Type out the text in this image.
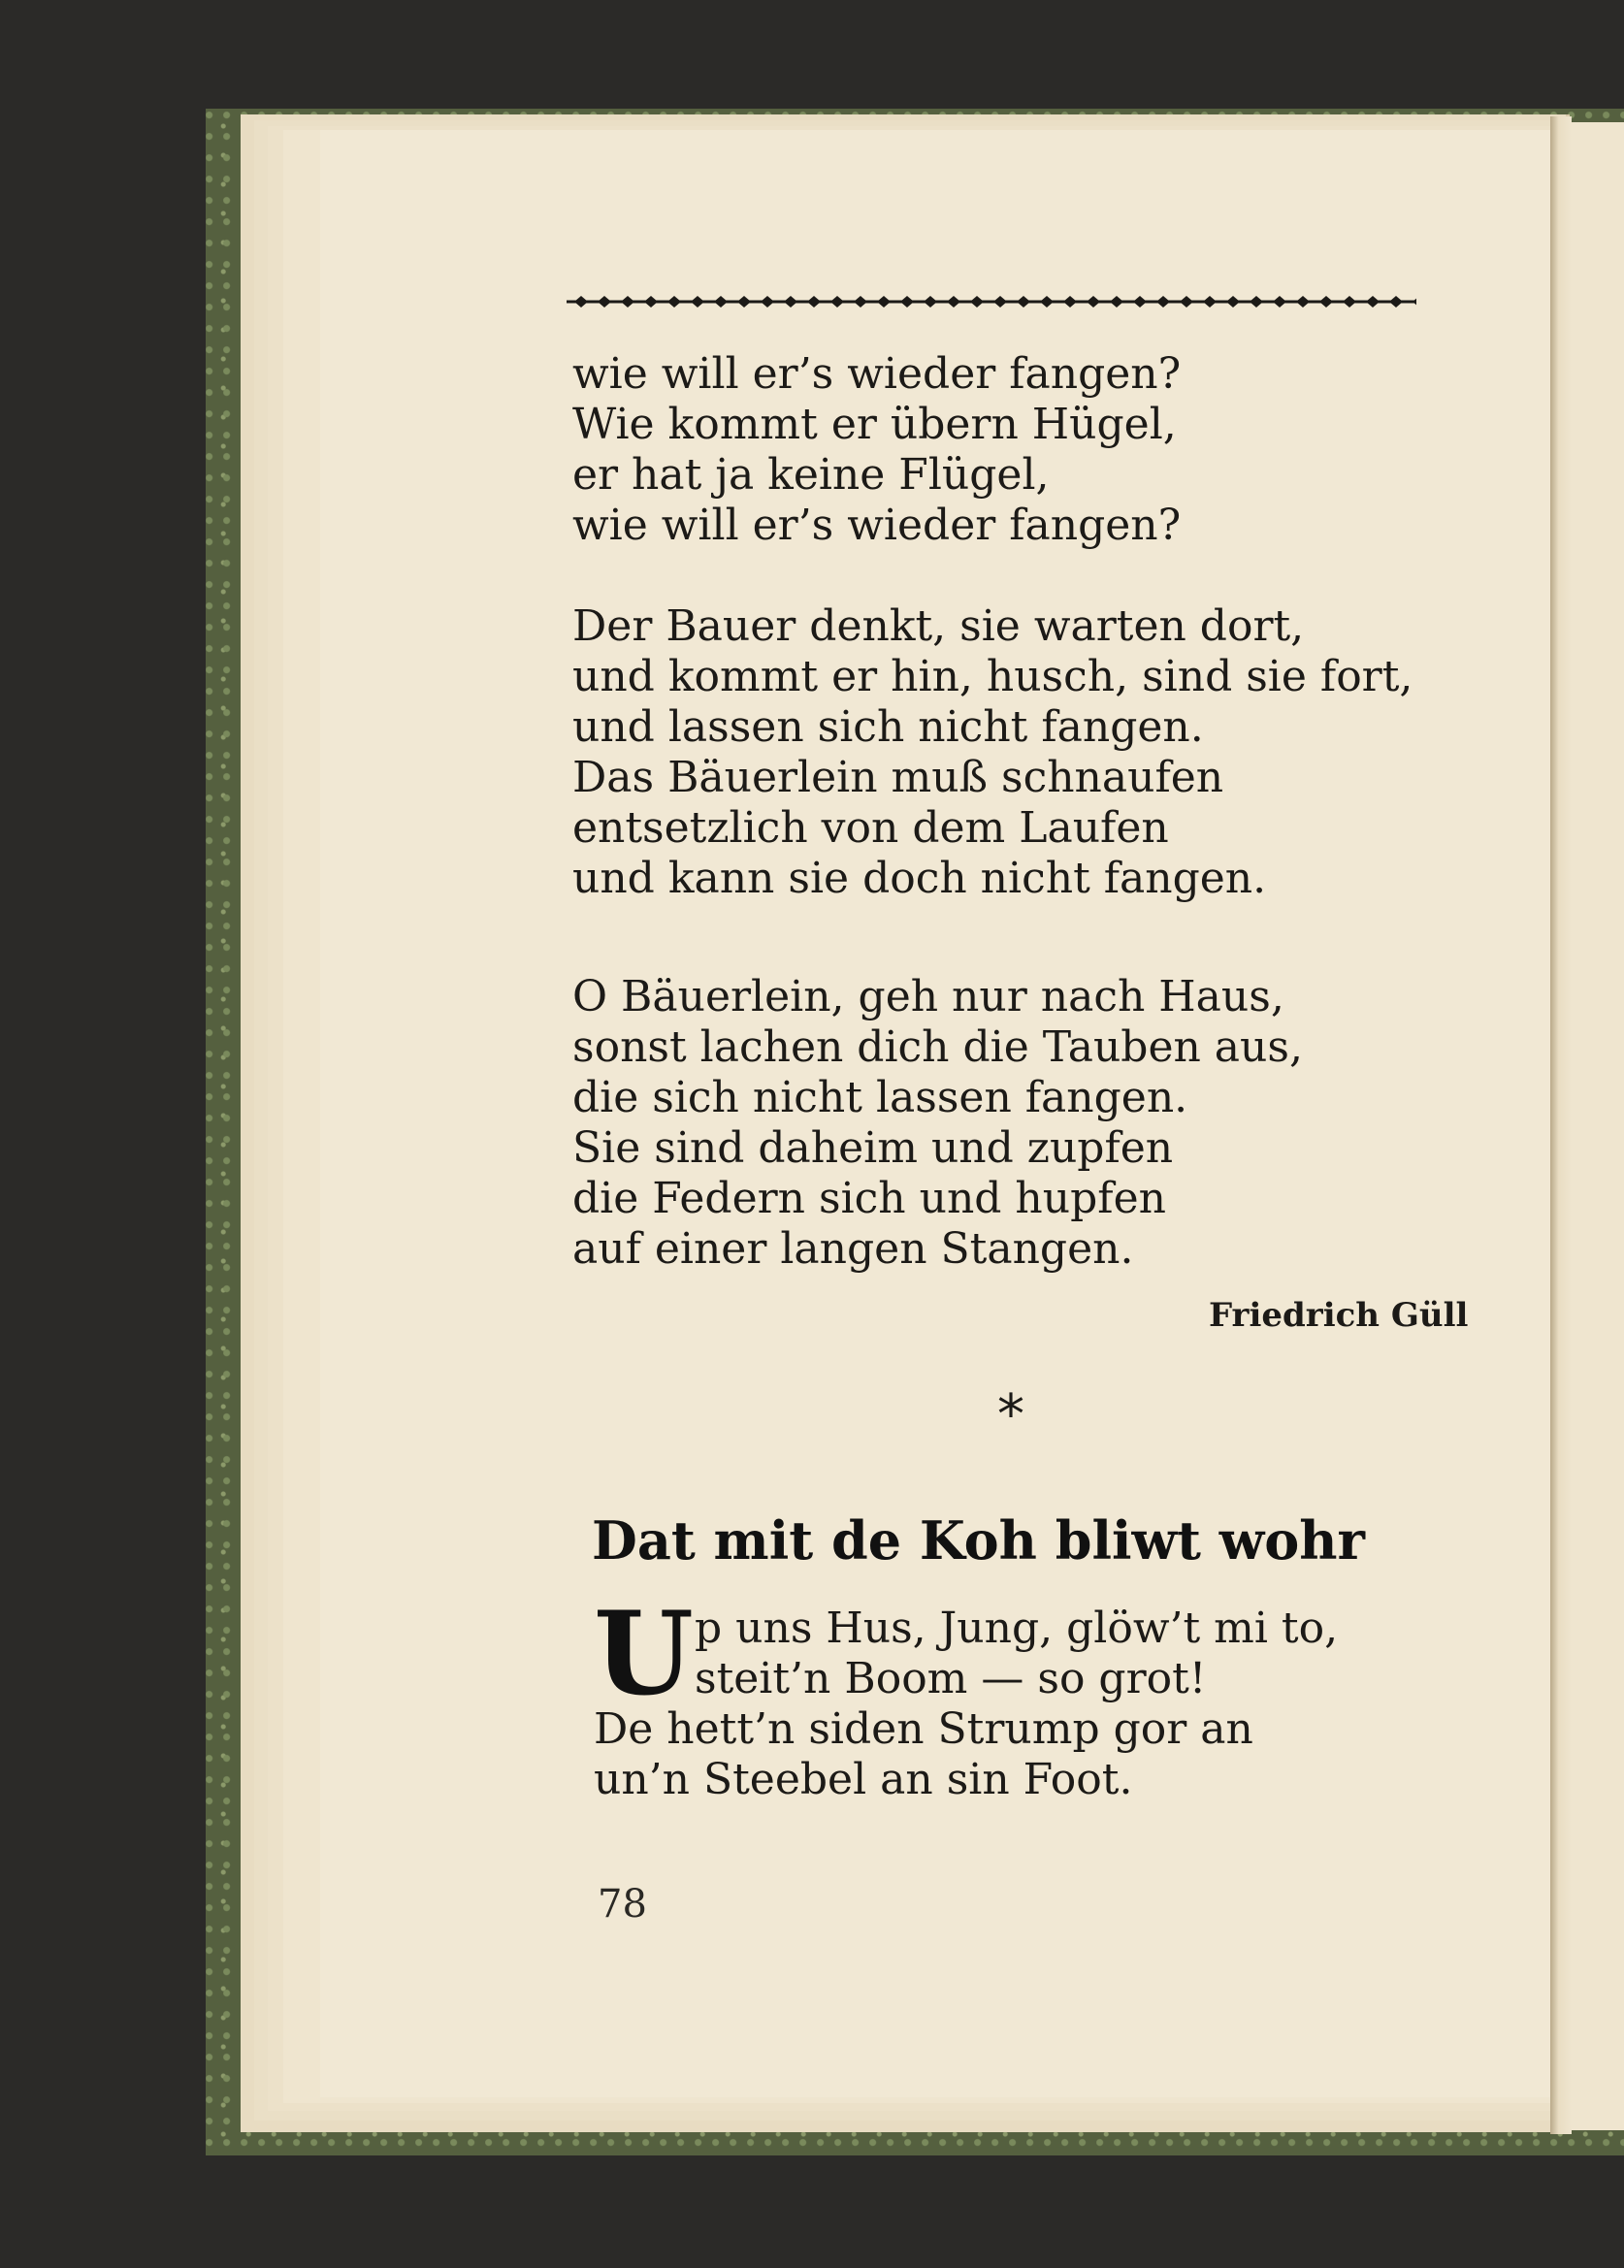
wie will er’s wieder fangen?
Wie kommt er übern Hügel,
er hat ja keine Flügel,
wie will er’s wieder fangen?
Der Bauer denkt, sie warten dort,
und kommt er hin, husch, sind sie fort,
und lassen sich nicht fangen.
Das Bäuerlein muß schnaufen
entsetzlich von dem Laufen
und kann sie doch nicht fangen.
O Bäuerlein, geh nur nach Haus,
sonst lachen dich die Tauben aus,
die sich nicht lassen fangen.
Sie sind daheim und zupfen
die Federn sich und hupfen
auf einer langen Stangen.
Friedrich Güll
*
Dat mit de Koh bliwt wohr
U p uns Hus, Jung, glöw’t mi to,
steit’n Boom — so grot!
De hett’n siden Strump gor an
un’n Steebel an sin Foot.
78
